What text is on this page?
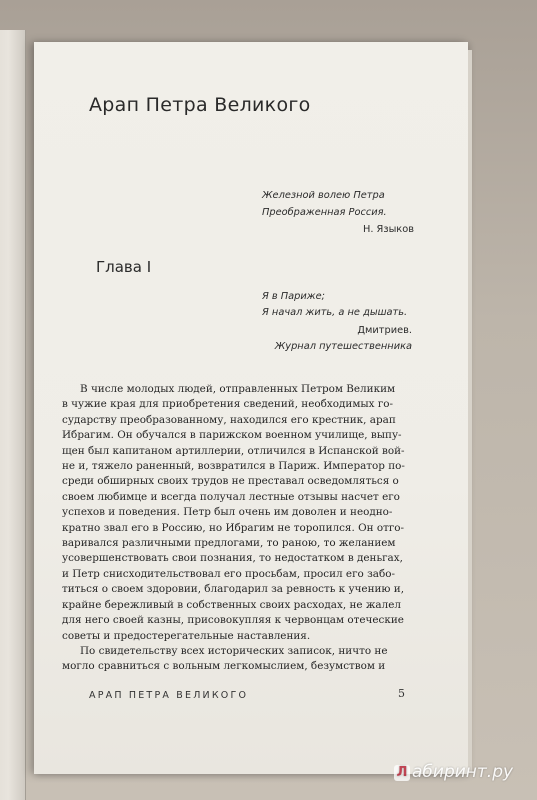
Арап Петра Великого
Железной волею Петра
Преображенная Россия.
Н. Языков
Глава I
Я в Париже;
Я начал жить, а не дышать.
Дмитриев.
Журнал путешественника
В числе молодых людей, отправленных Петром Великим
в чужие края для приобретения сведений, необходимых го-
сударству преобразованному, находился его крестник, арап
Ибрагим. Он обучался в парижском военном училище, выпу-
щен был капитаном артиллерии, отличился в Испанской вой-
не и, тяжело раненный, возвратился в Париж. Император по-
среди обширных своих трудов не преставал осведомляться о
своем любимце и всегда получал лестные отзывы насчет его
успехов и поведения. Петр был очень им доволен и неодно-
кратно звал его в Россию, но Ибрагим не торопился. Он отго-
варивался различными предлогами, то раною, то желанием
усовершенствовать свои познания, то недостатком в деньгах,
и Петр снисходительствовал его просьбам, просил его забо-
титься о своем здоровии, благодарил за ревность к учению и,
крайне бережливый в собственных своих расходах, не жалел
для него своей казны, присовокупляя к червонцам отеческие
советы и предостерегательные наставления.
По свидетельству всех исторических записок, ничто не
могло сравниться с вольным легкомыслием, безумством и
АРАП ПЕТРА ВЕЛИКОГО	5
Л абиринт.ру
